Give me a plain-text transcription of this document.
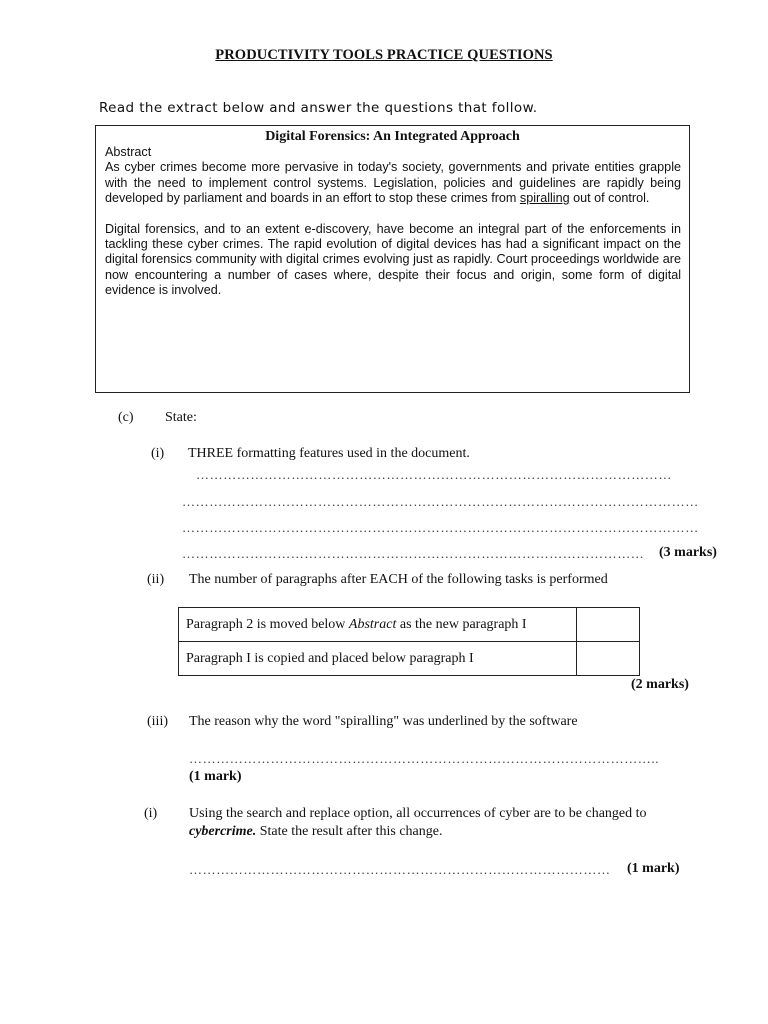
PRODUCTIVITY TOOLS PRACTICE QUESTIONS
Read the extract below and answer the questions that follow.
Digital Forensics: An Integrated Approach
Abstract

As cyber crimes become more pervasive in today's society, governments and private entities grapple with the need to implement control systems. Legislation, policies and guidelines are rapidly being developed by parliament and boards in an effort to stop these crimes from spiralling out of control.

Digital forensics, and to an extent e-discovery, have become an integral part of the enforcements in tackling these cyber crimes. The rapid evolution of digital devices has had a significant impact on the digital forensics community with digital crimes evolving just as rapidly. Court proceedings worldwide are now encountering a number of cases where, despite their focus and origin, some form of digital evidence is involved.

(c) State:
(i) THREE formatting features used in the document.
……………………………………………………………………………………………
……………………………………………………………………………………………………
……………………………………………………………………………………………………
…………………………………………………………………………………………	(3 marks)
(ii) The number of paragraphs after EACH of the following tasks is performed
Paragraph 2 is moved below Abstract as the new paragraph I	
Paragraph I is copied and placed below paragraph I	
(2 marks)
(iii) The reason why the word "spiralling" was underlined by the software
…………………………………………………………………………………………..
(1 mark)
(i) Using the search and replace option, all occurrences of cyber are to be changed to
cybercrime. State the result after this change.
…………………………………………………………………………………	(1 mark)
